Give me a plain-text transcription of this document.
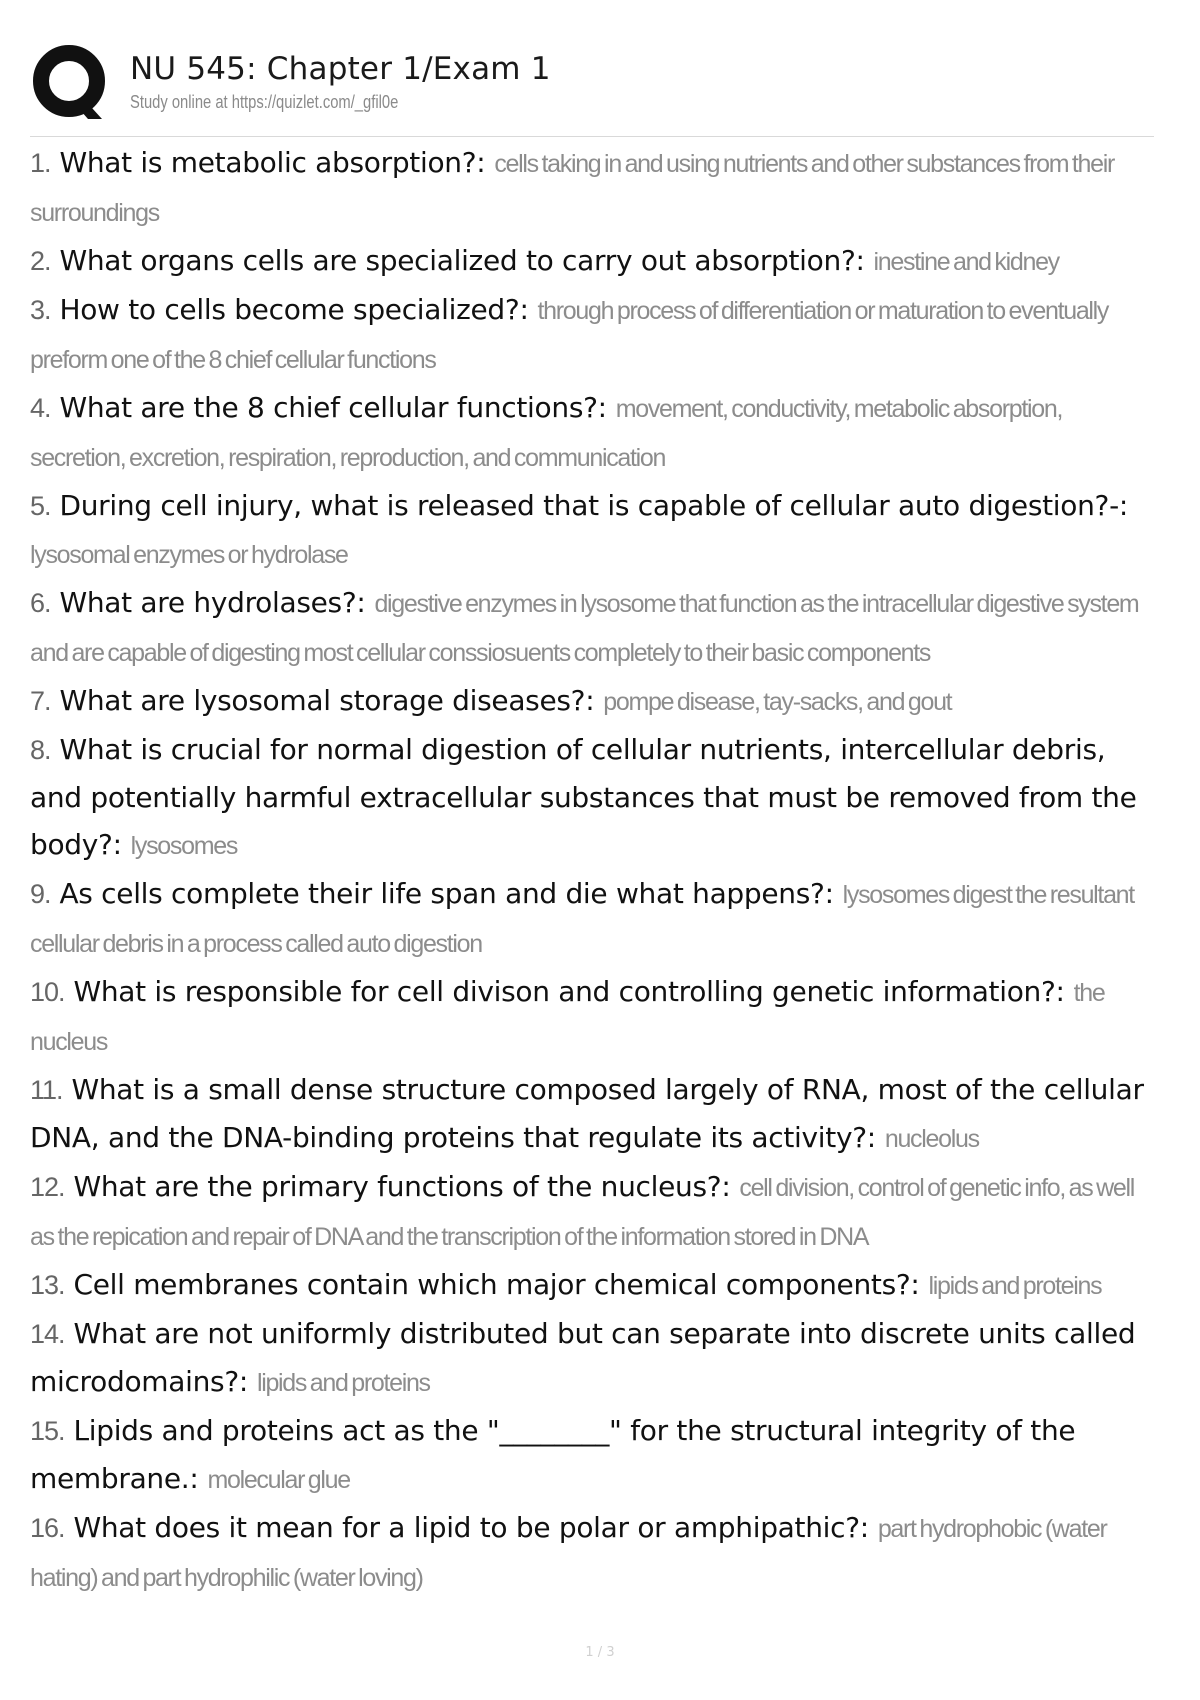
NU 545: Chapter 1/Exam 1
Study online at https://quizlet.com/_gfil0e

1. What is metabolic absorption?: cells taking in and using nutrients and other substances from their surroundings

2. What organs cells are specialized to carry out absorption?: inestine and kidney

3. How to cells become specialized?: through process of differentiation or maturation to eventually preform one of the 8 chief cellular functions

4. What are the 8 chief cellular functions?: movement, conductivity, metabolic absorption, secretion, excretion, respiration, reproduction, and communication

5. During cell injury, what is released that is capable of cellular auto digestion?-: lysosomal enzymes or hydrolase

6. What are hydrolases?: digestive enzymes in lysosome that function as the intracellular digestive system and are capable of digesting most cellular conssiosuents completely to their basic components

7. What are lysosomal storage diseases?: pompe disease, tay-sacks, and gout

8. What is crucial for normal digestion of cellular nutrients, intercellular debris, and potentially harmful extracellular substances that must be removed from the body?: lysosomes

9. As cells complete their life span and die what happens?: lysosomes digest the resultant cellular debris in a process called auto digestion

10. What is responsible for cell divison and controlling genetic information?: the nucleus

11. What is a small dense structure composed largely of RNA, most of the cellular DNA, and the DNA-binding proteins that regulate its activity?: nucleolus

12. What are the primary functions of the nucleus?: cell division, control of genetic info, as well as the repication and repair of DNA and the transcription of the information stored in DNA

13. Cell membranes contain which major chemical components?: lipids and proteins

14. What are not uniformly distributed but can separate into discrete units called microdomains?: lipids and proteins

15. Lipids and proteins act as the "________" for the structural integrity of the membrane.: molecular glue

16. What does it mean for a lipid to be polar or amphipathic?: part hydrophobic (water hating) and part hydrophilic (water loving)

1 / 3
